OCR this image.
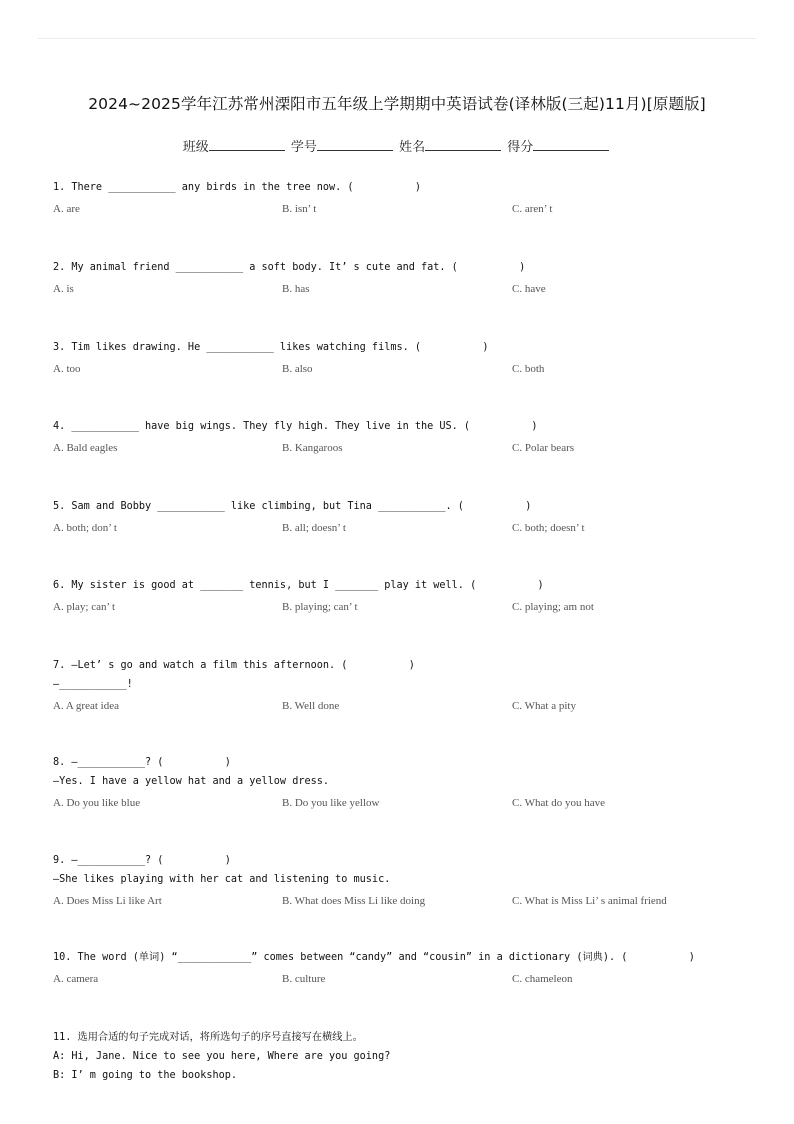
2024~2025学年江苏常州溧阳市五年级上学期期中英语试卷(译林版(三起)11月)[原题版]
班级	学号	姓名	得分
1. There ___________ any birds in the tree now. (          )
A. are	B. isn’ t	C. aren’ t
2. My animal friend ___________ a soft body. It’ s cute and fat. (          )
A. is	B. has	C. have
3. Tim likes drawing. He ___________ likes watching films. (          )
A. too	B. also	C. both
4. ___________ have big wings. They fly high. They live in the US. (          )
A. Bald eagles	B. Kangaroos	C. Polar bears
5. Sam and Bobby ___________ like climbing, but Tina ___________. (          )
A. both; don’ t	B. all; doesn’ t	C. both; doesn’ t
6. My sister is good at _______ tennis, but I _______ play it well. (          )
A. play; can’ t	B. playing; can’ t	C. playing; am not
7. —Let’ s go and watch a film this afternoon. (          )
—___________!
A. A great idea	B. Well done	C. What a pity
8. —___________? (          )
—Yes. I have a yellow hat and a yellow dress.
A. Do you like blue	B. Do you like yellow	C. What do you have
9. —___________? (          )
—She likes playing with her cat and listening to music.
A. Does Miss Li like Art	B. What does Miss Li like doing	C. What is Miss Li’ s animal friend
10. The word (单词) “____________” comes between “candy” and “cousin” in a dictionary (词典). (          )
A. camera	B. culture	C. chameleon
11. 选用合适的句子完成对话，将所选句子的序号直接写在横线上。
A: Hi, Jane. Nice to see you here, Where are you going?
B: I’ m going to the bookshop.
